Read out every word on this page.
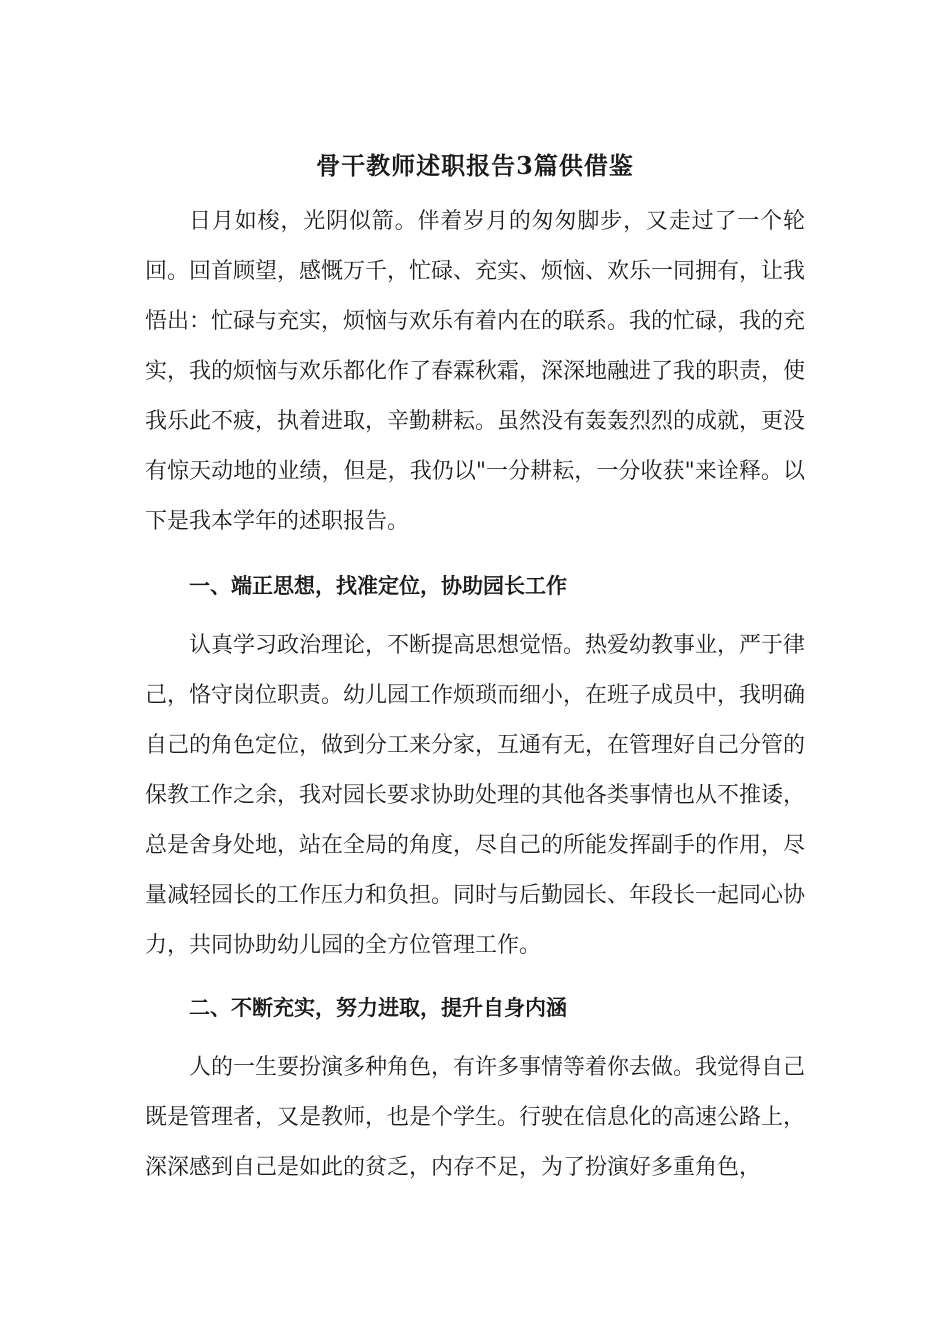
骨干教师述职报告3篇供借鉴

日月如梭，光阴似箭。伴着岁月的匆匆脚步，又走过了一个轮回。回首顾望，感慨万千，忙碌、充实、烦恼、欢乐一同拥有，让我悟出：忙碌与充实，烦恼与欢乐有着内在的联系。我的忙碌，我的充实，我的烦恼与欢乐都化作了春霖秋霜，深深地融进了我的职责，使我乐此不疲，执着进取，辛勤耕耘。虽然没有轰轰烈烈的成就，更没有惊天动地的业绩，但是，我仍以"一分耕耘，一分收获"来诠释。以下是我本学年的述职报告。

一、端正思想，找准定位，协助园长工作

认真学习政治理论，不断提高思想觉悟。热爱幼教事业，严于律己，恪守岗位职责。幼儿园工作烦琐而细小，在班子成员中，我明确自己的角色定位，做到分工来分家，互通有无，在管理好自己分管的保教工作之余，我对园长要求协助处理的其他各类事情也从不推诿，总是舍身处地，站在全局的角度，尽自己的所能发挥副手的作用，尽量减轻园长的工作压力和负担。同时与后勤园长、年段长一起同心协力，共同协助幼儿园的全方位管理工作。

二、不断充实，努力进取，提升自身内涵

人的一生要扮演多种角色，有许多事情等着你去做。我觉得自己既是管理者，又是教师，也是个学生。行驶在信息化的高速公路上，深深感到自己是如此的贫乏，内存不足，为了扮演好多重角色，
